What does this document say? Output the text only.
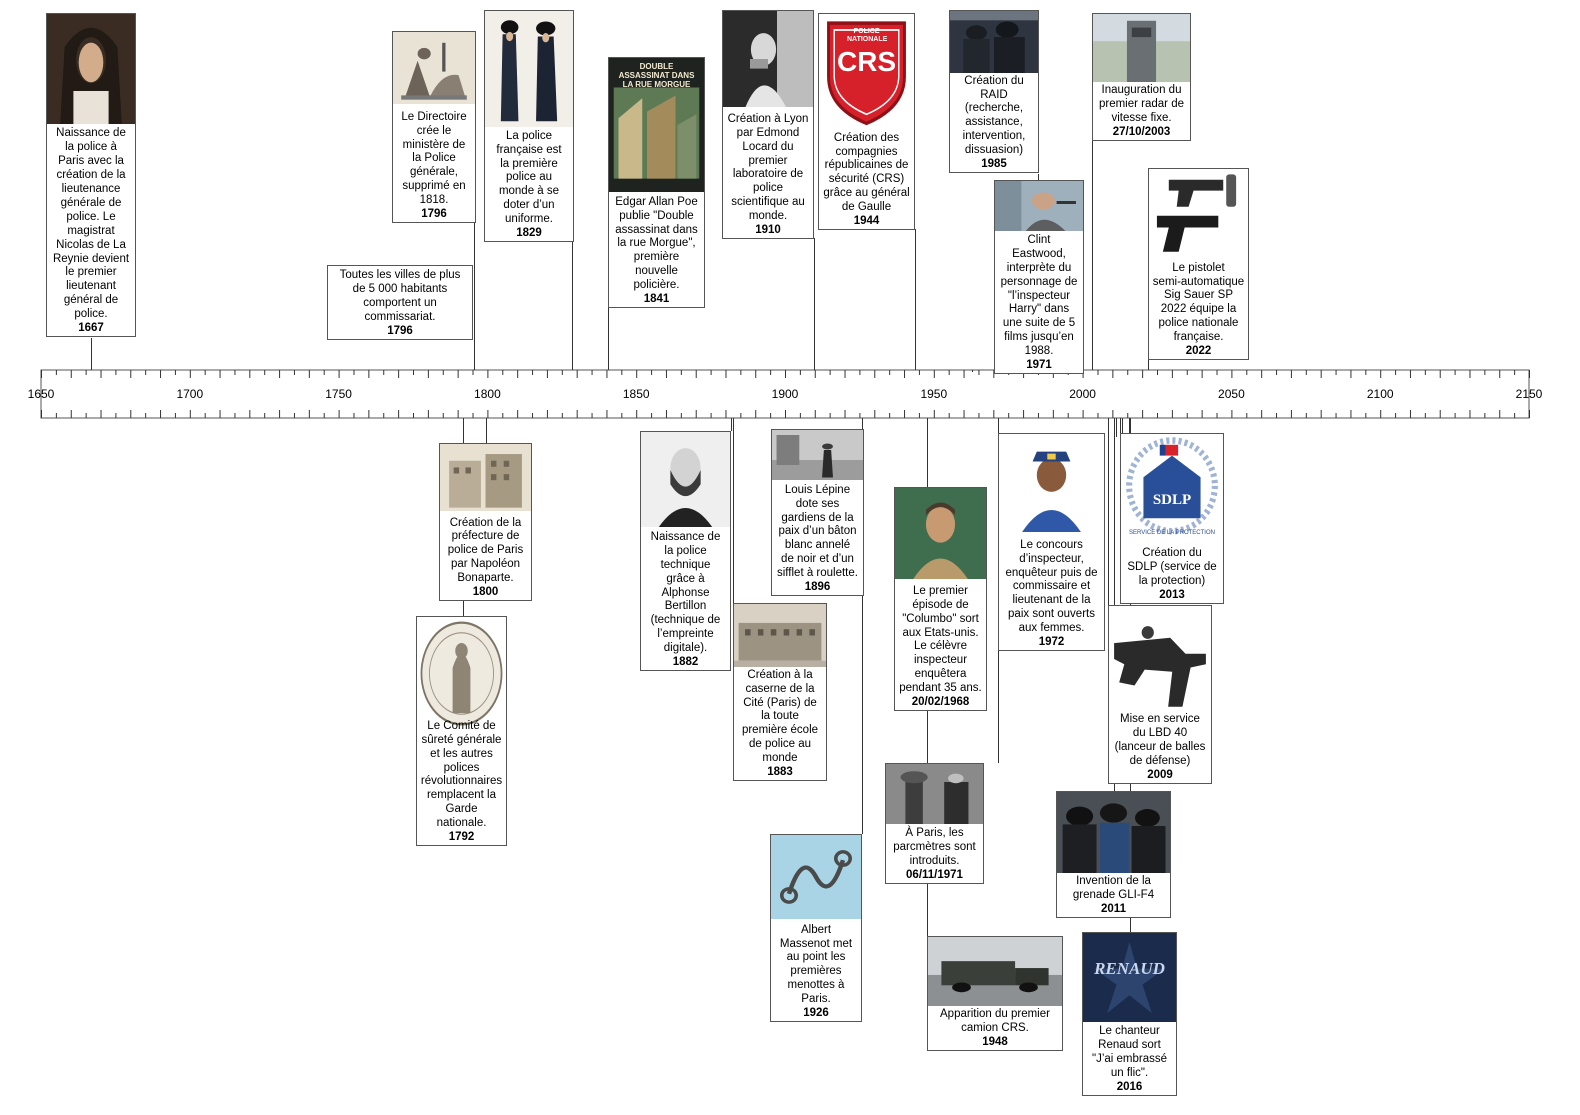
1650	1700	1750	1800	1850	1900	1950	2000	2050	2100	2150
Naissance de
la police à
Paris avec la
création de la
lieutenance
générale de
police. Le
magistrat
Nicolas de La
Reynie devient
le premier
lieutenant
général de
police.
1667
Toutes les villes de plus
de 5 000 habitants
comportent un
commissariat.
1796
Le Directoire
crée le
ministère de
la Police
générale,
supprimé en
1818.
1796
La police
française est
la première
police au
monde à se
doter d’un
uniforme.
1829
DOUBLE ASSASSINAT DANS LA RUE MORGUE
Edgar Allan Poe
publie "Double
assassinat dans
la rue Morgue",
première
nouvelle
policière.
1841
Création à Lyon
par Edmond
Locard du
premier
laboratoire de
police
scientifique au
monde.
1910
POLICE NATIONALE
CRS
Création des
compagnies
républicaines de
sécurité (CRS)
grâce au général
de Gaulle
1944
Création du
RAID
(recherche,
assistance,
intervention,
dissuasion)
1985
Clint
Eastwood,
interprète du
personnage de
"l’inspecteur
Harry" dans
une suite de 5
films jusqu’en
1988.
1971
Inauguration du
premier radar de
vitesse fixe.
27/10/2003
Le pistolet
semi-automatique
Sig Sauer SP
2022 équipe la
police nationale
française.
2022
Création de la
préfecture de
police de Paris
par Napoléon
Bonaparte.
1800
Le Comité de
sûreté générale
et les autres
polices
révolutionnaires
remplacent la
Garde nationale.
1792
Naissance de
la police
technique
grâce à
Alphonse
Bertillon
(technique de
l’empreinte
digitale).
1882
Création à la
caserne de la
Cité (Paris) de
la toute
première école
de police au
monde
1883
Louis Lépine
dote ses
gardiens de la
paix d’un bâton
blanc annelé
de noir et d’un
sifflet à roulette.
1896
Albert
Massenot met
au point les
premières
menottes à
Paris.
1926
Le premier
épisode de
"Columbo" sort
aux Etats-unis.
Le célèvre
inspecteur
enquêtera
pendant 35 ans.
20/02/1968
À Paris, les
parcmètres sont
introduits.
06/11/1971
Apparition du premier
camion CRS.
1948
Le concours
d’inspecteur,
enquêteur puis de
commissaire et
lieutenant de la
paix sont ouverts
aux femmes.
1972
SDLP
SERVICE DE LA PROTECTION
Création du
SDLP (service de
la protection)
2013
Mise en service
du LBD 40
(lanceur de balles
de défense)
2009
Invention de la
grenade GLI-F4
2011
RENAUD
Le chanteur
Renaud sort
"J’ai embrassé
un flic".
2016
